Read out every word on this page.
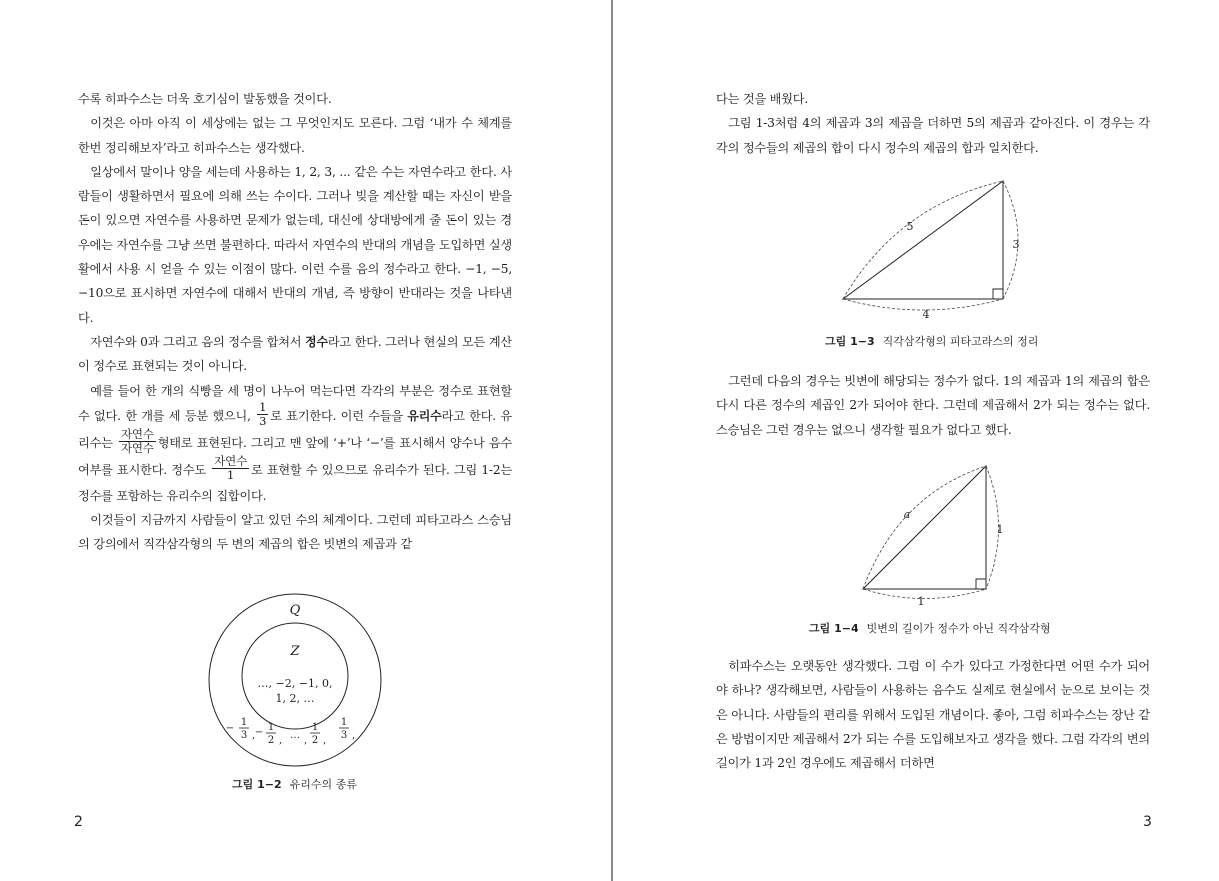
수록 히파수스는 더욱 호기심이 발동했을 것이다.

이것은 아마 아직 이 세상에는 없는 그 무엇인지도 모른다. 그럼 ‘내가 수 체계를 한번 정리해보자’라고 히파수스는 생각했다.

일상에서 말이나 양을 세는데 사용하는 1, 2, 3, ... 같은 수는 자연수라고 한다. 사람들이 생활하면서 필요에 의해 쓰는 수이다. 그러나 빚을 계산할 때는 자신이 받을 돈이 있으면 자연수를 사용하면 문제가 없는데, 대신에 상대방에게 줄 돈이 있는 경우에는 자연수를 그냥 쓰면 불편하다. 따라서 자연수의 반대의 개념을 도입하면 실생활에서 사용 시 얻을 수 있는 이점이 많다. 이런 수를 음의 정수라고 한다. −1, −5, −10으로 표시하면 자연수에 대해서 반대의 개념, 즉 방향이 반대라는 것을 나타낸다.

자연수와 0과 그리고 음의 정수를 합쳐서 정수라고 한다. 그러나 현실의 모든 계산이 정수로 표현되는 것이 아니다.

예를 들어 한 개의 식빵을 세 명이 나누어 먹는다면 각각의 부분은 정수로 표현할 수 없다. 한 개를 세 등분 했으니, $\frac{1}{3}$ 로 표기한다. 이런 수들을 유리수라고 한다. 유리수는 $\frac{\text{자연수}}{\text{자연수}}$ 형태로 표현된다. 그리고 맨 앞에 ‘+’나 ‘−’를 표시해서 양수나 음수 여부를 표시한다. 정수도 $\frac{\text{자연수}}{1}$ 로 표현할 수 있으므로 유리수가 된다. 그림 1-2는 정수를 포함하는 유리수의 집합이다.

이것들이 지금까지 사람들이 알고 있던 수의 체계이다. 그런데 피타고라스 스승님의 강의에서 직각삼각형의 두 변의 제곱의 합은 빗변의 제곱과 같

Q
Z
…, −2, −1, 0,
1, 2, …
−
1
3 , − 1
2 , … ,
1
2 ,
1
3 ,
그림 1−2 유리수의 종류
2

다는 것을 배웠다.

그림 1-3처럼 4의 제곱과 3의 제곱을 더하면 5의 제곱과 같아진다. 이 경우는 각각의 정수들의 제곱의 합이 다시 정수의 제곱의 합과 일치한다.

그런데 다음의 경우는 빗변에 해당되는 정수가 없다. 1의 제곱과 1의 제곱의 합은 다시 다른 정수의 제곱인 2가 되어야 한다. 그런데 제곱해서 2가 되는 정수는 없다. 스승님은 그런 경우는 없으니 생각할 필요가 없다고 했다.

히파수스는 오랫동안 생각했다. 그럼 이 수가 있다고 가정한다면 어떤 수가 되어야 하나? 생각해보면, 사람들이 사용하는 음수도 실제로 현실에서 눈으로 보이는 것은 아니다. 사람들의 편리를 위해서 도입된 개념이다. 좋아, 그럼 히파수스는 장난 같은 방법이지만 제곱해서 2가 되는 수를 도입해보자고 생각을 했다. 그럼 각각의 변의 길이가 1과 2인 경우에도 제곱해서 더하면

5
3
4
그림 1−3 직각삼각형의 피타고라스의 정리
a
1
1
그림 1−4 빗변의 길이가 정수가 아닌 직각삼각형
3
